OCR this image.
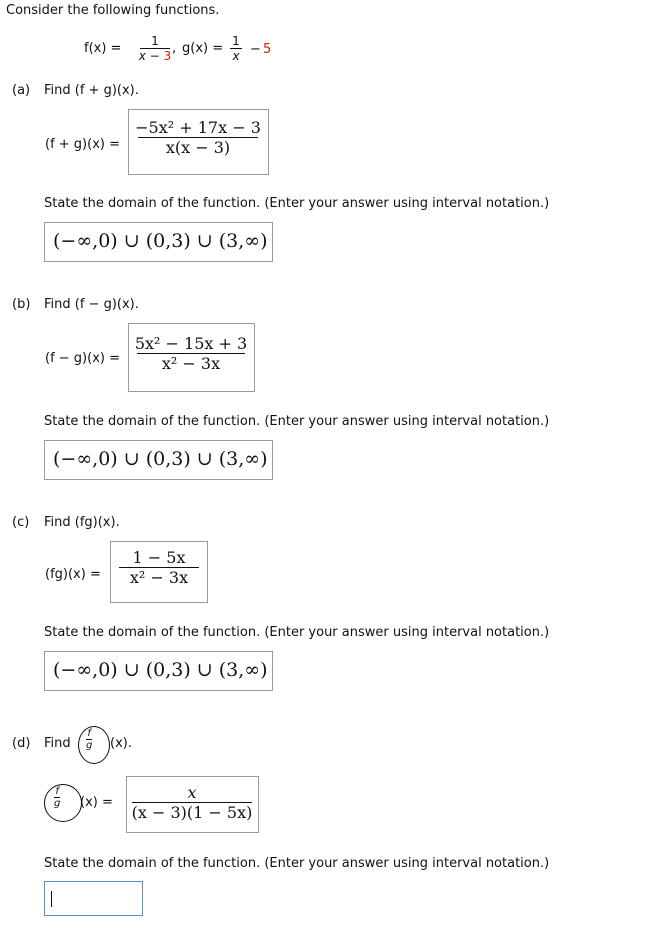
Consider the following functions.
f(x) = 1
x − 3 , g(x) = 1
x − 5
(a) Find (f + g)(x).
(f + g)(x) =
−5x² + 17x − 3
x(x − 3)
State the domain of the function. (Enter your answer using interval notation.)
(−∞,0) ∪ (0,3) ∪ (3,∞)
(b) Find (f − g)(x).
(f − g)(x) =
5x² − 15x + 3
x² − 3x
State the domain of the function. (Enter your answer using interval notation.)
(−∞,0) ∪ (0,3) ∪ (3,∞)
(c) Find (fg)(x).
(fg)(x) =
1 − 5x
x² − 3x
State the domain of the function. (Enter your answer using interval notation.)
(−∞,0) ∪ (0,3) ∪ (3,∞)
(d) Find $\frac{f}{g} (x)$.
$\frac{f}{g} (x)$ =
x
(x − 3)(1 − 5x)
State the domain of the function. (Enter your answer using interval notation.)
